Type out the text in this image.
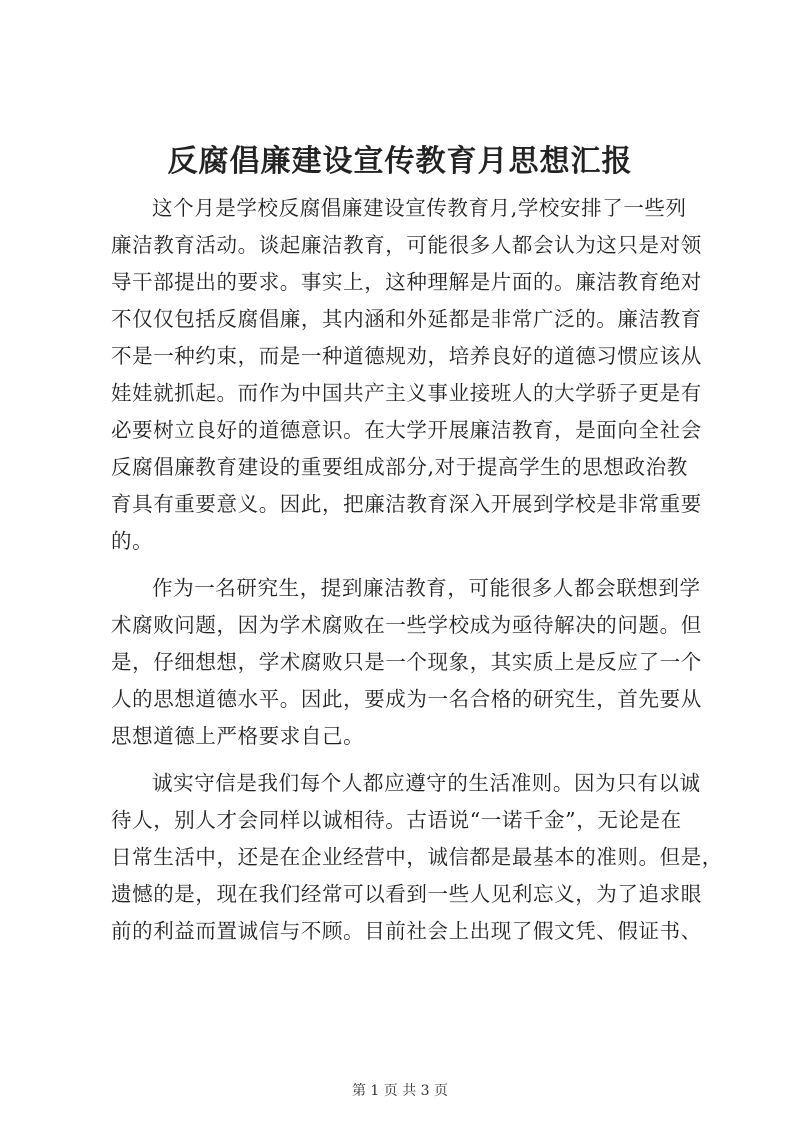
反腐倡廉建设宣传教育月思想汇报

这个月是学校反腐倡廉建设宣传教育月,学校安排了一些列
廉洁教育活动。谈起廉洁教育，可能很多人都会认为这只是对领
导干部提出的要求。事实上，这种理解是片面的。廉洁教育绝对
不仅仅包括反腐倡廉，其内涵和外延都是非常广泛的。廉洁教育
不是一种约束，而是一种道德规劝，培养良好的道德习惯应该从
娃娃就抓起。而作为中国共产主义事业接班人的大学骄子更是有
必要树立良好的道德意识。在大学开展廉洁教育，是面向全社会
反腐倡廉教育建设的重要组成部分,对于提高学生的思想政治教
育具有重要意义。因此，把廉洁教育深入开展到学校是非常重要
的。

作为一名研究生，提到廉洁教育，可能很多人都会联想到学
术腐败问题，因为学术腐败在一些学校成为亟待解决的问题。但
是，仔细想想，学术腐败只是一个现象，其实质上是反应了一个
人的思想道德水平。因此，要成为一名合格的研究生，首先要从
思想道德上严格要求自己。

诚实守信是我们每个人都应遵守的生活准则。因为只有以诚
待人，别人才会同样以诚相待。古语说“一诺千金”，无论是在
日常生活中，还是在企业经营中，诚信都是最基本的准则。但是，
遗憾的是，现在我们经常可以看到一些人见利忘义，为了追求眼
前的利益而置诚信与不顾。目前社会上出现了假文凭、假证书、

第 1 页 共 3 页
